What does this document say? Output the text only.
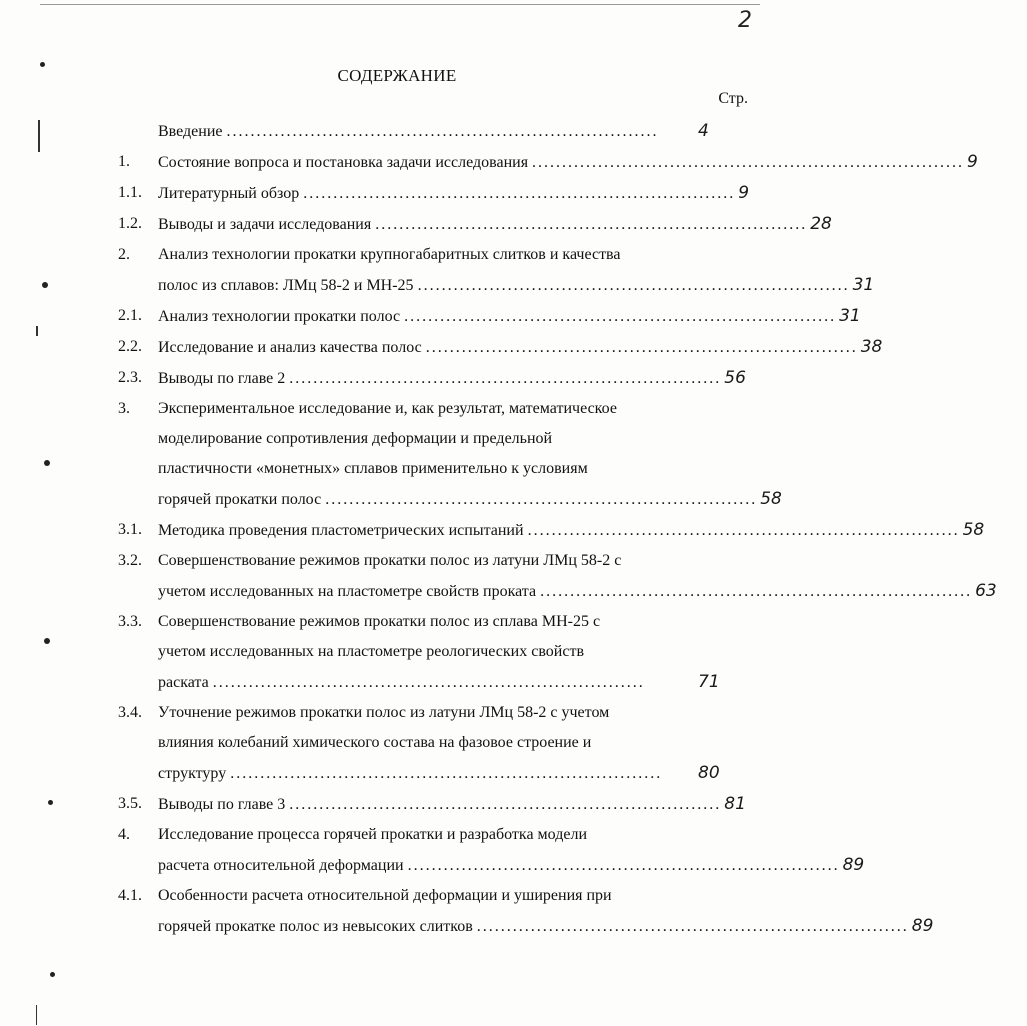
2
СОДЕРЖАНИЕ
Стр.
Введение . . .	4
1.	Состояние вопроса и постановка задачи исследования . . .	9
1.1.	Литературный обзор . . .	9
1.2.	Выводы и задачи исследования . . .	28
2.	Анализ технологии прокатки крупногабаритных слитков и качества
полос из сплавов: ЛМц 58-2 и МН-25 . . .	31
2.1.	Анализ технологии прокатки полос . . .	31
2.2.	Исследование и анализ качества полос . . .	38
2.3.	Выводы по главе 2 . . .	56
3.	Экспериментальное исследование и, как результат, математическое
моделирование сопротивления деформации и предельной
пластичности «монетных» сплавов применительно к условиям
горячей прокатки полос . . .	58
3.1.	Методика проведения пластометрических испытаний . . .	58
3.2.	Совершенствование режимов прокатки полос из латуни ЛМц 58-2 с
учетом исследованных на пластометре свойств проката . . .	63
3.3.	Совершенствование режимов прокатки полос из сплава МН-25 с
учетом исследованных на пластометре реологических свойств
раската . . .	71
3.4.	Уточнение режимов прокатки полос из латуни ЛМц 58-2 с учетом
влияния колебаний химического состава на фазовое строение и
структуру . . .	80
3.5.	Выводы по главе 3 . . .	81
4.	Исследование процесса горячей прокатки и разработка модели
расчета относительной деформации . . .	89
4.1.	Особенности расчета относительной деформации и уширения при
горячей прокатке полос из невысоких слитков . . .	89
